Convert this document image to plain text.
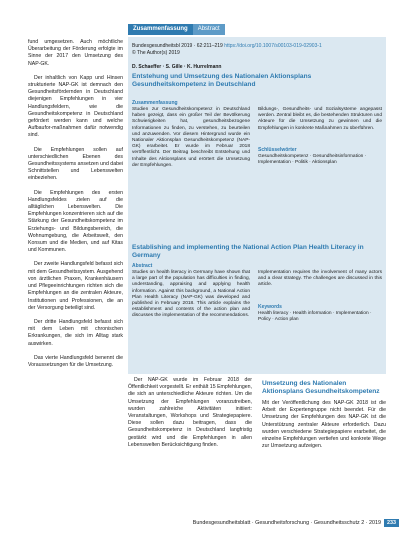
fund umgesetzen. Auch möchtliche Überarbeitung der Förderung erfolgte im Sinne der 2017 den Umsetzung des NAP-GK.

Der inhaltlich von Kapp und Hinsen strukturierte NAP-GK ist demnach den Gesundheitsfördernden in Deutschland diejenigen Empfehlungen in vier Handlungsfeldern, wie die Gesundheitskompetenz in Deutschland gefördert werden kann und welche Aufbaufor-maßnahmen dafür notwendig sind.

Die Empfehlungen sollen auf unterschiedlichen Ebenen des Gesundheitssystems ansetzen und dabei Schnittstellen und Lebenswelten einbeziehen.

Die Empfehlungen des ersten Handlungsfeldes zielen auf die alltäglichen Lebenswelten. Die Empfehlungen konzentrieren sich auf die Stärkung der Gesundheitskompetenz im Erziehungs- und Bildungsbereich, die Wohnumgebung, die Arbeitswelt, den Konsum und die Medien, und auf Kitas und Kommunen.

Der zweite Handlungsfeld befasst sich mit dem Gesundheitssystem. Ausgehend von ärztlichen Praxen, Krankenhäusern und Pflegeeinrichtungen richten sich die Empfehlungen an die zentralen Akteure, Institutionen und Professionen, die an der Versorgung beteiligt sind.

Der dritte Handlungsfeld befasst sich mit dem Leben mit chronischen Erkrankungen, die sich im Alltag stark auswirken.

Das vierte Handlungsfeld benennt die Voraussetzungen für die Umsetzung.

Zusammenfassung	Abstract
Bundesgesundheitsbl 2019 · 62:211–219 https://doi.org/10.1007/s00103-019-02903-1
© The Author(s) 2019
D. Schaeffer · S. Gille · K. Hurrelmann
Entstehung und Umsetzung des Nationalen Aktionsplans Gesundheitskompetenz in Deutschland
Zusammenfassung
Studien zur Gesundheitskompetenz in Deutschland haben gezeigt, dass ein großer Teil der Bevölkerung Schwierigkeiten hat, gesundheitsbezogene Informationen zu finden, zu verstehen, zu beurteilen und anzuwenden. Vor diesem Hintergrund wurde ein Nationaler Aktionsplan Gesundheitskompetenz (NAP-GK) erarbeitet. Er wurde im Februar 2018 veröffentlicht. Der Beitrag beschreibt Entstehung und Inhalte des Aktionsplans und erörtert die Umsetzung der Empfehlungen.
Bildungs-, Gesundheits- und Sozialsysteme angepasst werden. Zentral bleibt es, die bestehenden Strukturen und Akteure für die Umsetzung zu gewinnen und die Empfehlungen in konkrete Maßnahmen zu überführen.
Schlüsselwörter
Gesundheitskompetenz · Gesundheitsinformation · Implementation · Politik · Aktionsplan
Establishing and implementing the National Action Plan Health Literacy in Germany
Abstract
Studies on health literacy in Germany have shown that a large part of the population has difficulties in finding, understanding, appraising and applying health information. Against this background, a National Action Plan Health Literacy (NAP-GK) was developed and published in February 2018. This article explains the establishment and contents of the action plan and discusses the implementation of the recommendations.
Implementation requires the involvement of many actors and a clear strategy. The challenges are discussed in this article.
Keywords
Health literacy · Health information · Implementation · Policy · Action plan

Der NAP-GK wurde im Februar 2018 der Öffentlichkeit vorgestellt. Er enthält 15 Empfehlungen, die sich an unterschiedliche Akteure richten. Um die Umsetzung der Empfehlungen voranzutreiben, wurden zahlreiche Aktivitäten initiiert: Veranstaltungen, Workshops und Strategiepapiere. Diese sollen dazu beitragen, dass die Gesundheitskompetenz in Deutschland langfristig gestärkt wird und die Empfehlungen in allen Lebenswelten Berücksichtigung finden.

Umsetzung des Nationalen Aktionsplans Gesundheitskompetenz

Mit der Veröffentlichung des NAP-GK 2018 ist die Arbeit der Expertengruppe nicht beendet. Für die Umsetzung der Empfehlungen des NAP-GK ist die Unterstützung zentraler Akteure erforderlich. Dazu wurden verschiedene Strategiepapiere erarbeitet, die einzelne Empfehlungen vertiefen und konkrete Wege zur Umsetzung aufzeigen.

Bundesgesundheitsblatt · Gesundheitsforschung · Gesundheitsschutz 2 · 2019 233
